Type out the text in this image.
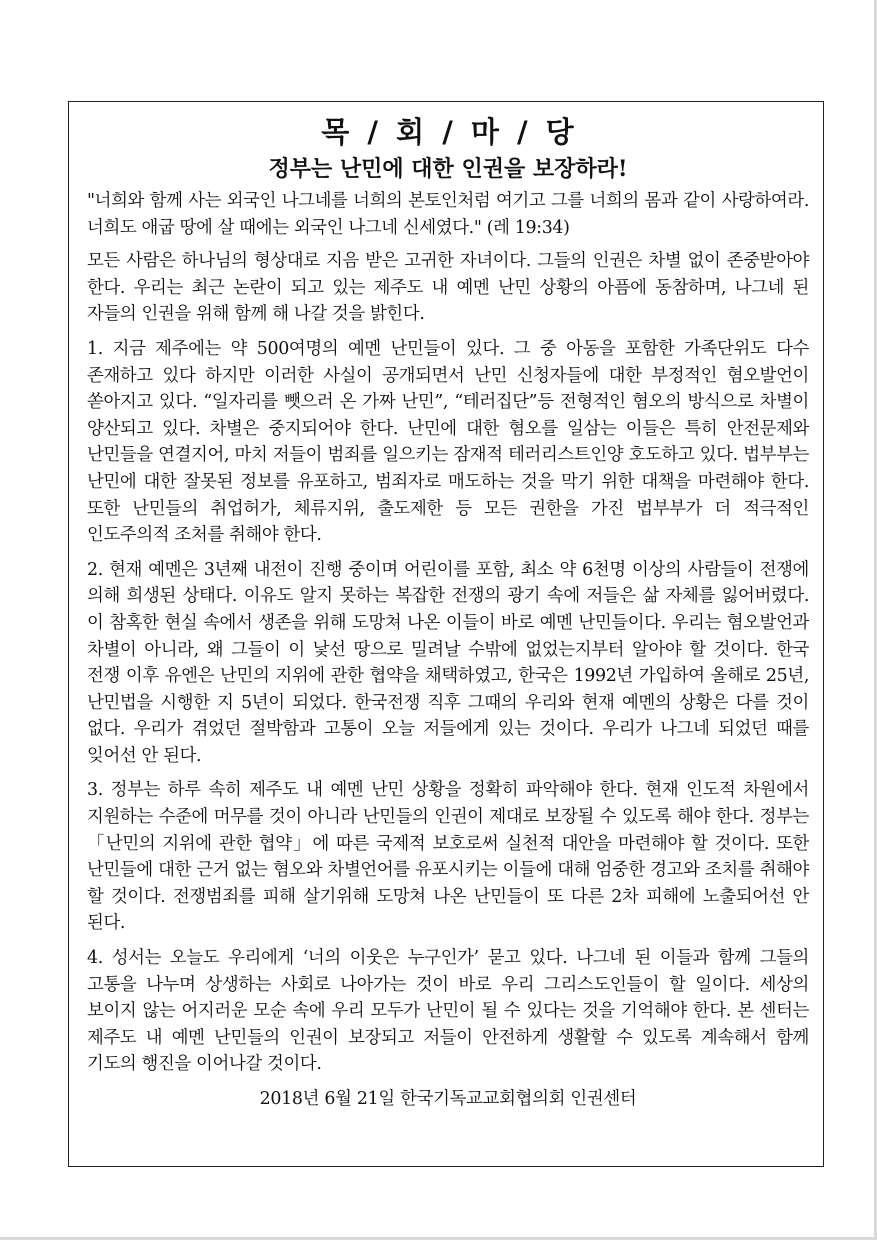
목 / 회 / 마 / 당
정부는 난민에 대한 인권을 보장하라!

"너희와 함께 사는 외국인 나그네를 너희의 본토인처럼 여기고 그를 너희의 몸과 같이 사랑하여라. 너희도 애굽 땅에 살 때에는 외국인 나그네 신세였다." (레 19:34)

모든 사람은 하나님의 형상대로 지음 받은 고귀한 자녀이다. 그들의 인권은 차별 없이 존중받아야 한다. 우리는 최근 논란이 되고 있는 제주도 내 예멘 난민 상황의 아픔에 동참하며, 나그네 된 자들의 인권을 위해 함께 해 나갈 것을 밝힌다.

1. 지금 제주에는 약 500여명의 예멘 난민들이 있다. 그 중 아동을 포함한 가족단위도 다수 존재하고 있다 하지만 이러한 사실이 공개되면서 난민 신청자들에 대한 부정적인 혐오발언이 쏟아지고 있다. “일자리를 뺏으러 온 가짜 난민”, “테러집단”등 전형적인 혐오의 방식으로 차별이 양산되고 있다. 차별은 중지되어야 한다. 난민에 대한 혐오를 일삼는 이들은 특히 안전문제와 난민들을 연결지어, 마치 저들이 범죄를 일으키는 잠재적 테러리스트인양 호도하고 있다. 법부부는 난민에 대한 잘못된 정보를 유포하고, 범죄자로 매도하는 것을 막기 위한 대책을 마련해야 한다. 또한 난민들의 취업허가, 체류지위, 출도제한 등 모든 권한을 가진 법부부가 더 적극적인 인도주의적 조처를 취해야 한다.

2. 현재 예멘은 3년째 내전이 진행 중이며 어린이를 포함, 최소 약 6천명 이상의 사람들이 전쟁에 의해 희생된 상태다. 이유도 알지 못하는 복잡한 전쟁의 광기 속에 저들은 삶 자체를 잃어버렸다. 이 참혹한 현실 속에서 생존을 위해 도망쳐 나온 이들이 바로 예멘 난민들이다. 우리는 혐오발언과 차별이 아니라, 왜 그들이 이 낯선 땅으로 밀려날 수밖에 없었는지부터 알아야 할 것이다. 한국 전쟁 이후 유엔은 난민의 지위에 관한 협약을 채택하였고, 한국은 1992년 가입하여 올해로 25년, 난민법을 시행한 지 5년이 되었다. 한국전쟁 직후 그때의 우리와 현재 예멘의 상황은 다를 것이 없다. 우리가 겪었던 절박함과 고통이 오늘 저들에게 있는 것이다. 우리가 나그네 되었던 때를 잊어선 안 된다.

3. 정부는 하루 속히 제주도 내 예멘 난민 상황을 정확히 파악해야 한다. 현재 인도적 차원에서 지원하는 수준에 머무를 것이 아니라 난민들의 인권이 제대로 보장될 수 있도록 해야 한다. 정부는 「난민의 지위에 관한 협약」에 따른 국제적 보호로써 실천적 대안을 마련해야 할 것이다. 또한 난민들에 대한 근거 없는 혐오와 차별언어를 유포시키는 이들에 대해 엄중한 경고와 조치를 취해야 할 것이다. 전쟁범죄를 피해 살기위해 도망쳐 나온 난민들이 또 다른 2차 피해에 노출되어선 안 된다.

4. 성서는 오늘도 우리에게 ‘너의 이웃은 누구인가’ 묻고 있다. 나그네 된 이들과 함께 그들의 고통을 나누며 상생하는 사회로 나아가는 것이 바로 우리 그리스도인들이 할 일이다. 세상의 보이지 않는 어지러운 모순 속에 우리 모두가 난민이 될 수 있다는 것을 기억해야 한다. 본 센터는 제주도 내 예멘 난민들의 인권이 보장되고 저들이 안전하게 생활할 수 있도록 계속해서 함께 기도의 행진을 이어나갈 것이다.

2018년 6월 21일 한국기독교교회협의회 인권센터
